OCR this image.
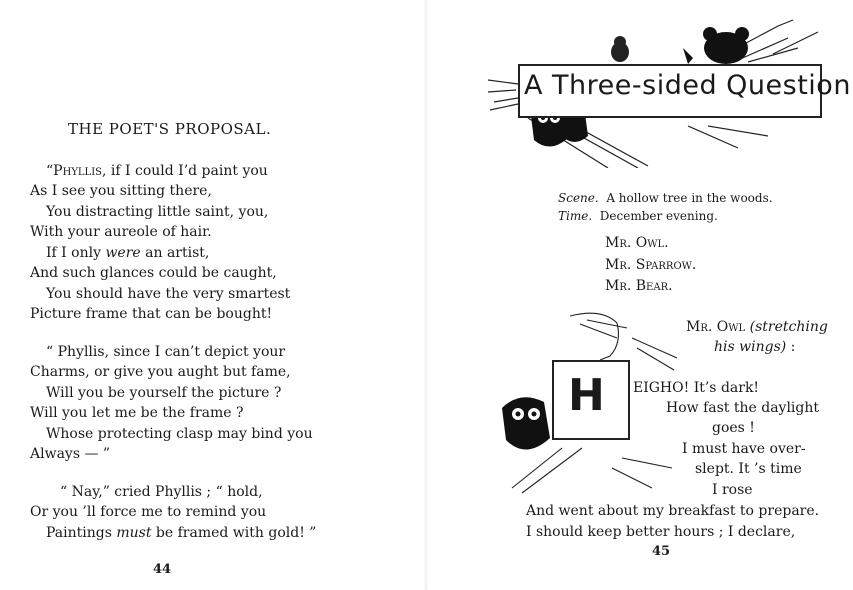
THE POET'S PROPOSAL.
“Phyllis, if I could I’d paint you
As I see you sitting there,
You distracting little saint, you,
With your aureole of hair.
If I only were an artist,
And such glances could be caught,
You should have the very smartest
Picture frame that can be bought!
“ Phyllis, since I can’t depict your
Charms, or give you aught but fame,
Will you be yourself the picture ?
Will you let me be the frame ?
Whose protecting clasp may bind you
Always — ”
“ Nay,” cried Phyllis ; “ hold,
Or you ’ll force me to remind you
Paintings must be framed with gold! ”
44
A Three-sided Question
Scene. A hollow tree in the woods.
Time. December evening.
Mr. Owl.
Mr. Sparrow.
Mr. Bear.
H
Mr. Owl (stretching
his wings) :
EIGHO! It’s dark!
How fast the daylight
goes !
I must have over-
slept. It ’s time
I rose
And went about my breakfast to prepare.
I should keep better hours ; I declare,
45
